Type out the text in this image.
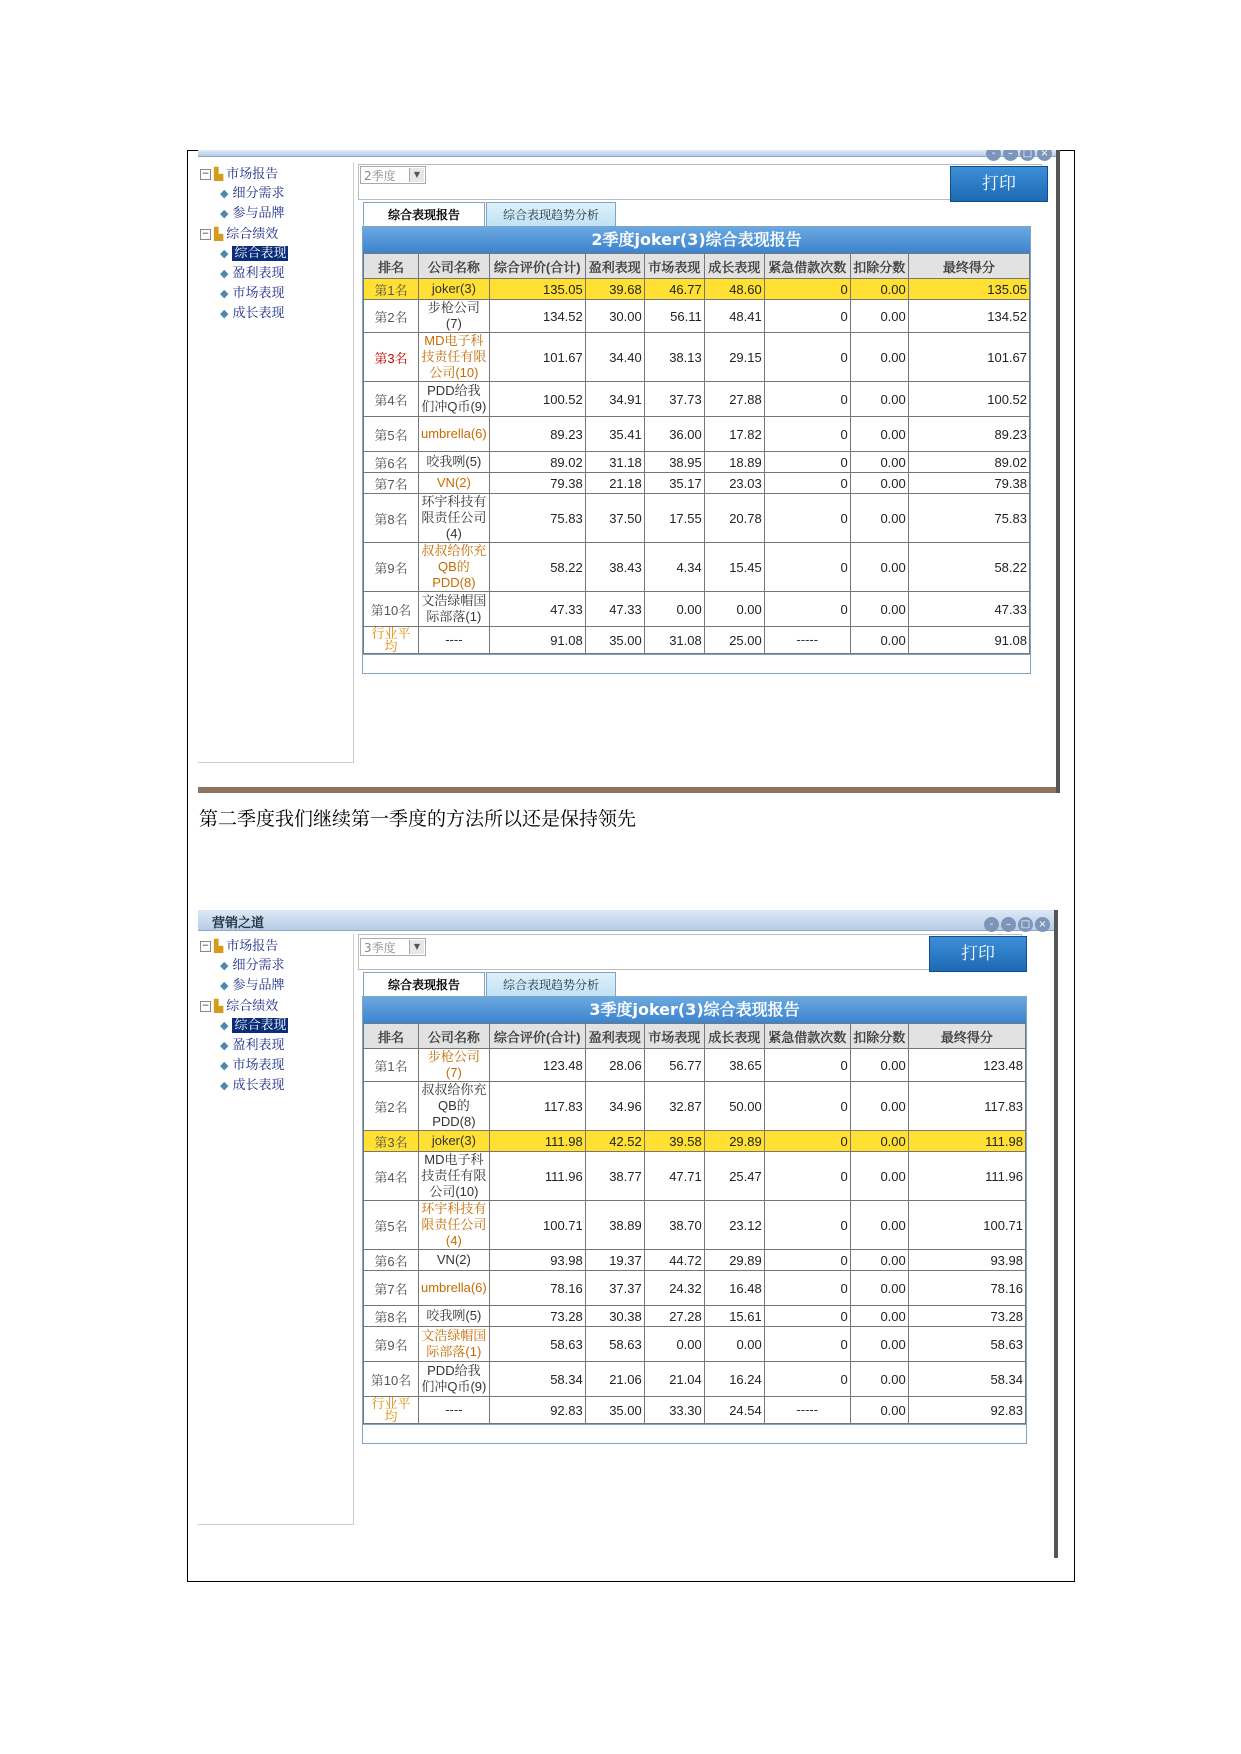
- – □ ×
− ▙ 市场报告
◆ 细分需求
◆ 参与品牌
− ▙ 综合绩效
◆ 综合表现
◆ 盈利表现
◆ 市场表现
◆ 成长表现
2季度	▼	打印
综合表现报告	综合表现趋势分析
2季度joker(3)综合表现报告
排名	公司名称	综合评价(合计)	盈利表现	市场表现	成长表现	紧急借款次数	扣除分数	最终得分
第1名	joker(3)	135.05	39.68	46.77	48.60	0	0.00	135.05
第2名	步枪公司(7)	134.52	30.00	56.11	48.41	0	0.00	134.52
第3名	MD电子科技责任有限公司(10)	101.67	34.40	38.13	29.15	0	0.00	101.67
第4名	PDD给我们冲Q币(9)	100.52	34.91	37.73	27.88	0	0.00	100.52
第5名	umbrella(6)	89.23	35.41	36.00	17.82	0	0.00	89.23
第6名	咬我咧(5)	89.02	31.18	38.95	18.89	0	0.00	89.02
第7名	VN(2)	79.38	21.18	35.17	23.03	0	0.00	79.38
第8名	环宇科技有限责任公司(4)	75.83	37.50	17.55	20.78	0	0.00	75.83
第9名	叔叔给你充QB的PDD(8)	58.22	38.43	4.34	15.45	0	0.00	58.22
第10名	文浩绿帽国际部落(1)	47.33	47.33	0.00	0.00	0	0.00	47.33
行业平均	----	91.08	35.00	31.08	25.00	-----	0.00	91.08
第二季度我们继续第一季度的方法所以还是保持领先
营销之道	- – □ ×
− ▙ 市场报告
◆ 细分需求
◆ 参与品牌
− ▙ 综合绩效
◆ 综合表现
◆ 盈利表现
◆ 市场表现
◆ 成长表现
3季度	▼	打印
综合表现报告	综合表现趋势分析
3季度joker(3)综合表现报告
排名	公司名称	综合评价(合计)	盈利表现	市场表现	成长表现	紧急借款次数	扣除分数	最终得分
第1名	步枪公司(7)	123.48	28.06	56.77	38.65	0	0.00	123.48
第2名	叔叔给你充QB的PDD(8)	117.83	34.96	32.87	50.00	0	0.00	117.83
第3名	joker(3)	111.98	42.52	39.58	29.89	0	0.00	111.98
第4名	MD电子科技责任有限公司(10)	111.96	38.77	47.71	25.47	0	0.00	111.96
第5名	环宇科技有限责任公司(4)	100.71	38.89	38.70	23.12	0	0.00	100.71
第6名	VN(2)	93.98	19.37	44.72	29.89	0	0.00	93.98
第7名	umbrella(6)	78.16	37.37	24.32	16.48	0	0.00	78.16
第8名	咬我咧(5)	73.28	30.38	27.28	15.61	0	0.00	73.28
第9名	文浩绿帽国际部落(1)	58.63	58.63	0.00	0.00	0	0.00	58.63
第10名	PDD给我们冲Q币(9)	58.34	21.06	21.04	16.24	0	0.00	58.34
行业平均	----	92.83	35.00	33.30	24.54	-----	0.00	92.83
